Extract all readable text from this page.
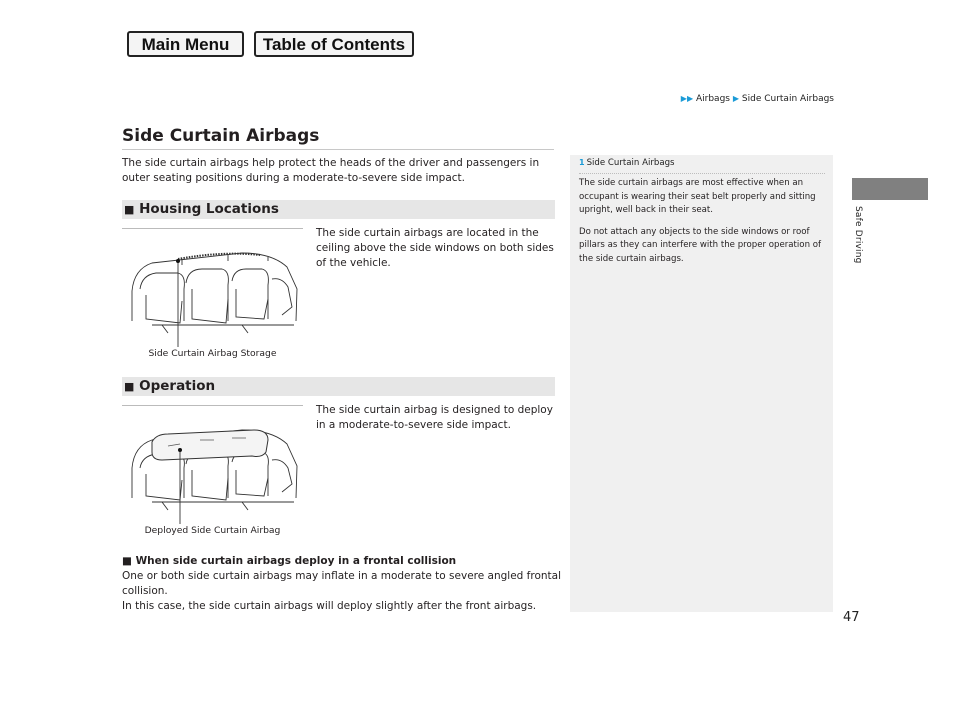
Main Menu	Table of Contents
▶▶ Airbags ▶ Side Curtain Airbags
Safe Driving
47
Side Curtain Airbags

The side curtain airbags help protect the heads of the driver and passengers in outer seating positions during a moderate-to-severe side impact.

■ Housing Locations
Side Curtain Airbag Storage

The side curtain airbags are located in the ceiling above the side windows on both sides of the vehicle.

■ Operation
Deployed Side Curtain Airbag

The side curtain airbag is designed to deploy in a moderate-to-severe side impact.

■ When side curtain airbags deploy in a frontal collision
One or both side curtain airbags may inflate in a moderate to severe angled frontal collision.
In this case, the side curtain airbags will deploy slightly after the front airbags.
1 Side Curtain Airbags

The side curtain airbags are most effective when an occupant is wearing their seat belt properly and sitting upright, well back in their seat.

Do not attach any objects to the side windows or roof pillars as they can interfere with the proper operation of the side curtain airbags.
